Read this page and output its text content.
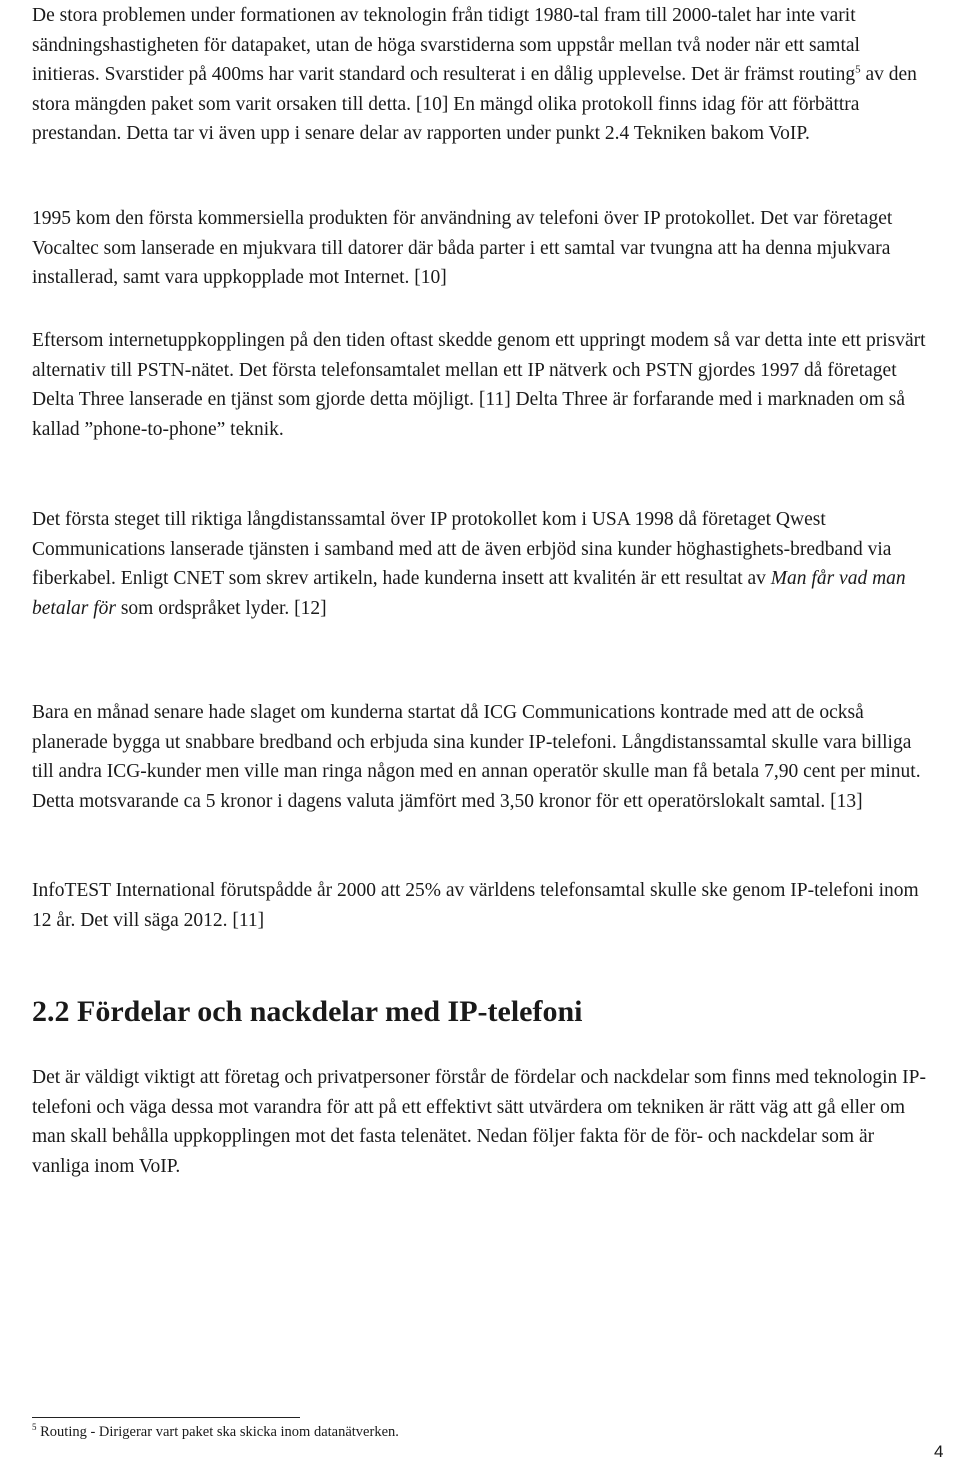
De stora problemen under formationen av teknologin från tidigt 1980-tal fram till 2000-talet har inte varit sändningshastigheten för datapaket, utan de höga svarstiderna som uppstår mellan två noder när ett samtal initieras. Svarstider på 400ms har varit standard och resulterat i en dålig upplevelse. Det är främst routing$^5$ av den stora mängden paket som varit orsaken till detta. [10] En mängd olika protokoll finns idag för att förbättra prestandan. Detta tar vi även upp i senare delar av rapporten under punkt 2.4 Tekniken bakom VoIP.

1995 kom den första kommersiella produkten för användning av telefoni över IP protokollet. Det var företaget Vocaltec som lanserade en mjukvara till datorer där båda parter i ett samtal var tvungna att ha denna mjukvara installerad, samt vara uppkopplade mot Internet. [10]

Eftersom internetuppkopplingen på den tiden oftast skedde genom ett uppringt modem så var detta inte ett prisvärt alternativ till PSTN-nätet. Det första telefonsamtalet mellan ett IP nätverk och PSTN gjordes 1997 då företaget Delta Three lanserade en tjänst som gjorde detta möjligt. [11] Delta Three är forfarande med i marknaden om så kallad ”phone-to-phone” teknik.

Det första steget till riktiga långdistanssamtal över IP protokollet kom i USA 1998 då företaget Qwest Communications lanserade tjänsten i samband med att de även erbjöd sina kunder höghastighets-bredband via fiberkabel. Enligt CNET som skrev artikeln, hade kunderna insett att kvalitén är ett resultat av Man får vad man betalar för som ordspråket lyder. [12]

Bara en månad senare hade slaget om kunderna startat då ICG Communications kontrade med att de också planerade bygga ut snabbare bredband och erbjuda sina kunder IP-telefoni. Långdistanssamtal skulle vara billiga till andra ICG-kunder men ville man ringa någon med en annan operatör skulle man få betala 7,90 cent per minut. Detta motsvarande ca 5 kronor i dagens valuta jämfört med 3,50 kronor för ett operatörslokalt samtal. [13]

InfoTEST International förutspådde år 2000 att 25% av världens telefonsamtal skulle ske genom IP-telefoni inom 12 år. Det vill säga 2012. [11]

2.2 Fördelar och nackdelar med IP-telefoni

Det är väldigt viktigt att företag och privatpersoner förstår de fördelar och nackdelar som finns med teknologin IP-telefoni och väga dessa mot varandra för att på ett effektivt sätt utvärdera om tekniken är rätt väg att gå eller om man skall behålla uppkopplingen mot det fasta telenätet. Nedan följer fakta för de för- och nackdelar som är vanliga inom VoIP.

$^5$ Routing - Dirigerar vart paket ska skicka inom datanätverken.

4
